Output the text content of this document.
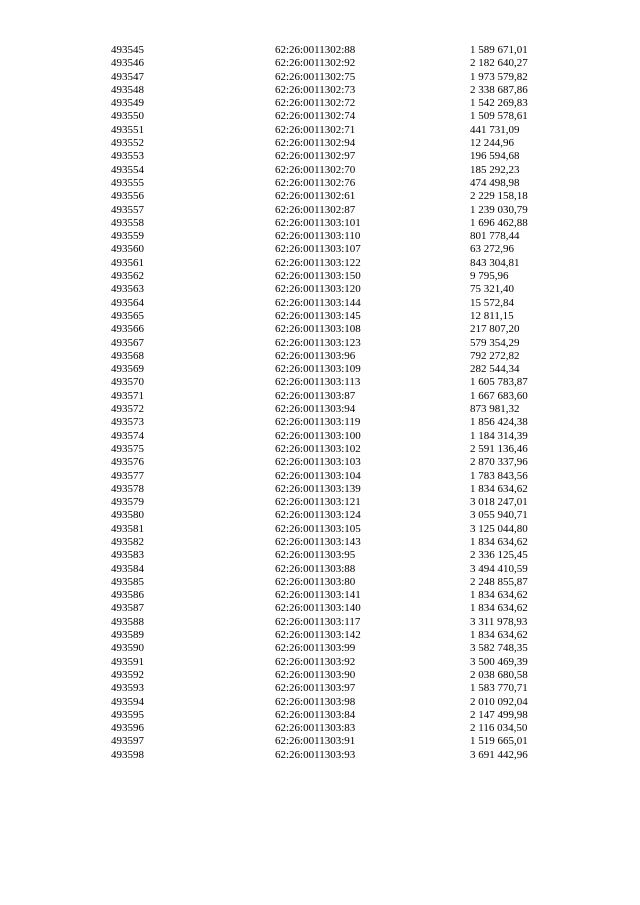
493545	62:26:0011302:88	1 589 671,01
493546	62:26:0011302:92	2 182 640,27
493547	62:26:0011302:75	1 973 579,82
493548	62:26:0011302:73	2 338 687,86
493549	62:26:0011302:72	1 542 269,83
493550	62:26:0011302:74	1 509 578,61
493551	62:26:0011302:71	441 731,09
493552	62:26:0011302:94	12 244,96
493553	62:26:0011302:97	196 594,68
493554	62:26:0011302:70	185 292,23
493555	62:26:0011302:76	474 498,98
493556	62:26:0011302:61	2 229 158,18
493557	62:26:0011302:87	1 239 030,79
493558	62:26:0011303:101	1 696 462,88
493559	62:26:0011303:110	801 778,44
493560	62:26:0011303:107	63 272,96
493561	62:26:0011303:122	843 304,81
493562	62:26:0011303:150	9 795,96
493563	62:26:0011303:120	75 321,40
493564	62:26:0011303:144	15 572,84
493565	62:26:0011303:145	12 811,15
493566	62:26:0011303:108	217 807,20
493567	62:26:0011303:123	579 354,29
493568	62:26:0011303:96	792 272,82
493569	62:26:0011303:109	282 544,34
493570	62:26:0011303:113	1 605 783,87
493571	62:26:0011303:87	1 667 683,60
493572	62:26:0011303:94	873 981,32
493573	62:26:0011303:119	1 856 424,38
493574	62:26:0011303:100	1 184 314,39
493575	62:26:0011303:102	2 591 136,46
493576	62:26:0011303:103	2 870 337,96
493577	62:26:0011303:104	1 783 843,56
493578	62:26:0011303:139	1 834 634,62
493579	62:26:0011303:121	3 018 247,01
493580	62:26:0011303:124	3 055 940,71
493581	62:26:0011303:105	3 125 044,80
493582	62:26:0011303:143	1 834 634,62
493583	62:26:0011303:95	2 336 125,45
493584	62:26:0011303:88	3 494 410,59
493585	62:26:0011303:80	2 248 855,87
493586	62:26:0011303:141	1 834 634,62
493587	62:26:0011303:140	1 834 634,62
493588	62:26:0011303:117	3 311 978,93
493589	62:26:0011303:142	1 834 634,62
493590	62:26:0011303:99	3 582 748,35
493591	62:26:0011303:92	3 500 469,39
493592	62:26:0011303:90	2 038 680,58
493593	62:26:0011303:97	1 583 770,71
493594	62:26:0011303:98	2 010 092,04
493595	62:26:0011303:84	2 147 499,98
493596	62:26:0011303:83	2 116 034,50
493597	62:26:0011303:91	1 519 665,01
493598	62:26:0011303:93	3 691 442,96
